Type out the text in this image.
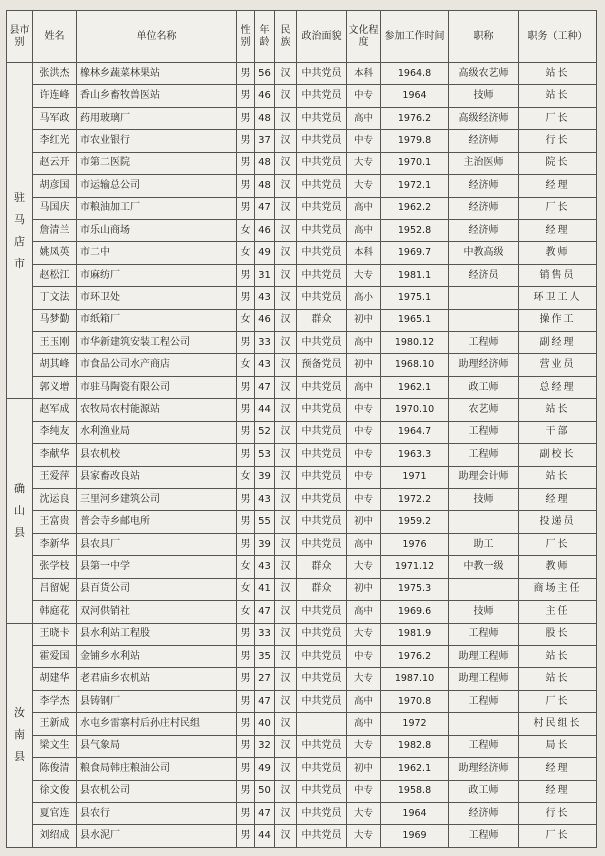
县市别	姓名	单位名称	性别	年龄	民族	政治面貌	文化程度	参加工作时间	职称	职务（工种）
驻马店市	张洪杰	橡林乡蔬菜林果站	男	56	汉	中共党员	本科	1964.8	高级农艺师	站长
	许连峰	香山乡畜牧兽医站	男	46	汉	中共党员	中专	1964	技师	站长
	马军政	药用玻璃厂	男	48	汉	中共党员	高中	1976.2	高级经济师	厂长
	李红光	市农业银行	男	37	汉	中共党员	中专	1979.8	经济师	行长
	赵云开	市第二医院	男	48	汉	中共党员	大专	1970.1	主治医师	院长
	胡彦国	市运输总公司	男	48	汉	中共党员	大专	1972.1	经济师	经理
	马国庆	市粮油加工厂	男	47	汉	中共党员	高中	1962.2	经济师	厂长
	詹清兰	市乐山商场	女	46	汉	中共党员	高中	1952.8	经济师	经理
	姚凤英	市二中	女	49	汉	中共党员	本科	1969.7	中教高级	教师
	赵松江	市麻纺厂	男	31	汉	中共党员	大专	1981.1	经济员	销售员
	丁文法	市环卫处	男	43	汉	中共党员	高小	1975.1		环卫工人
	马梦勤	市纸箱厂	女	46	汉	群众	初中	1965.1		操作工
	王玉刚	市华新建筑安装工程公司	男	33	汉	中共党员	高中	1980.12	工程师	副经理
	胡其峰	市食品公司水产商店	女	43	汉	预备党员	初中	1968.10	助理经济师	营业员
	郭义增	市驻马陶瓷有限公司	男	47	汉	中共党员	高中	1962.1	政工师	总经理
确山县	赵军成	农牧局农村能源站	男	44	汉	中共党员	中专	1970.10	农艺师	站长
	李纯友	水利渔业局	男	52	汉	中共党员	中专	1964.7	工程师	干部
	李献华	县农机校	男	53	汉	中共党员	中专	1963.3	工程师	副校长
	王爱萍	县家畜改良站	女	39	汉	中共党员	中专	1971	助理会计师	站长
	沈运良	三里河乡建筑公司	男	43	汉	中共党员	中专	1972.2	技师	经理
	王富贵	普会寺乡邮电所	男	55	汉	中共党员	初中	1959.2		投递员
	李新华	县农具厂	男	39	汉	中共党员	高中	1976	助工	厂长
	张学枝	县第一中学	女	43	汉	群众	大专	1971.12	中教一级	教师
	吕留妮	县百货公司	女	41	汉	群众	初中	1975.3		商场主任
	韩庭花	双河供销社	女	47	汉	中共党员	高中	1969.6	技师	主任
汝南县	王晓卡	县水利站工程股	男	33	汉	中共党员	大专	1981.9	工程师	股长
	霍爱国	金铺乡水利站	男	35	汉	中共党员	中专	1976.2	助理工程师	站长
	胡建华	老君庙乡农机站	男	27	汉	中共党员	大专	1987.10	助理工程师	站长
	李学杰	县铸钢厂	男	47	汉	中共党员	高中	1970.8	工程师	厂长
	王新成	水屯乡雷寨村后孙庄村民组	男	40	汉		高中	1972		村民组长
	梁文生	县气象局	男	32	汉	中共党员	大专	1982.8	工程师	局长
	陈俊清	粮食局韩庄粮油公司	男	49	汉	中共党员	初中	1962.1	助理经济师	经理
	徐文俊	县农机公司	男	50	汉	中共党员	中专	1958.8	政工师	经理
	夏官连	县农行	男	47	汉	中共党员	大专	1964	经济师	行长
	刘绍成	县水泥厂	男	44	汉	中共党员	大专	1969	工程师	厂长
